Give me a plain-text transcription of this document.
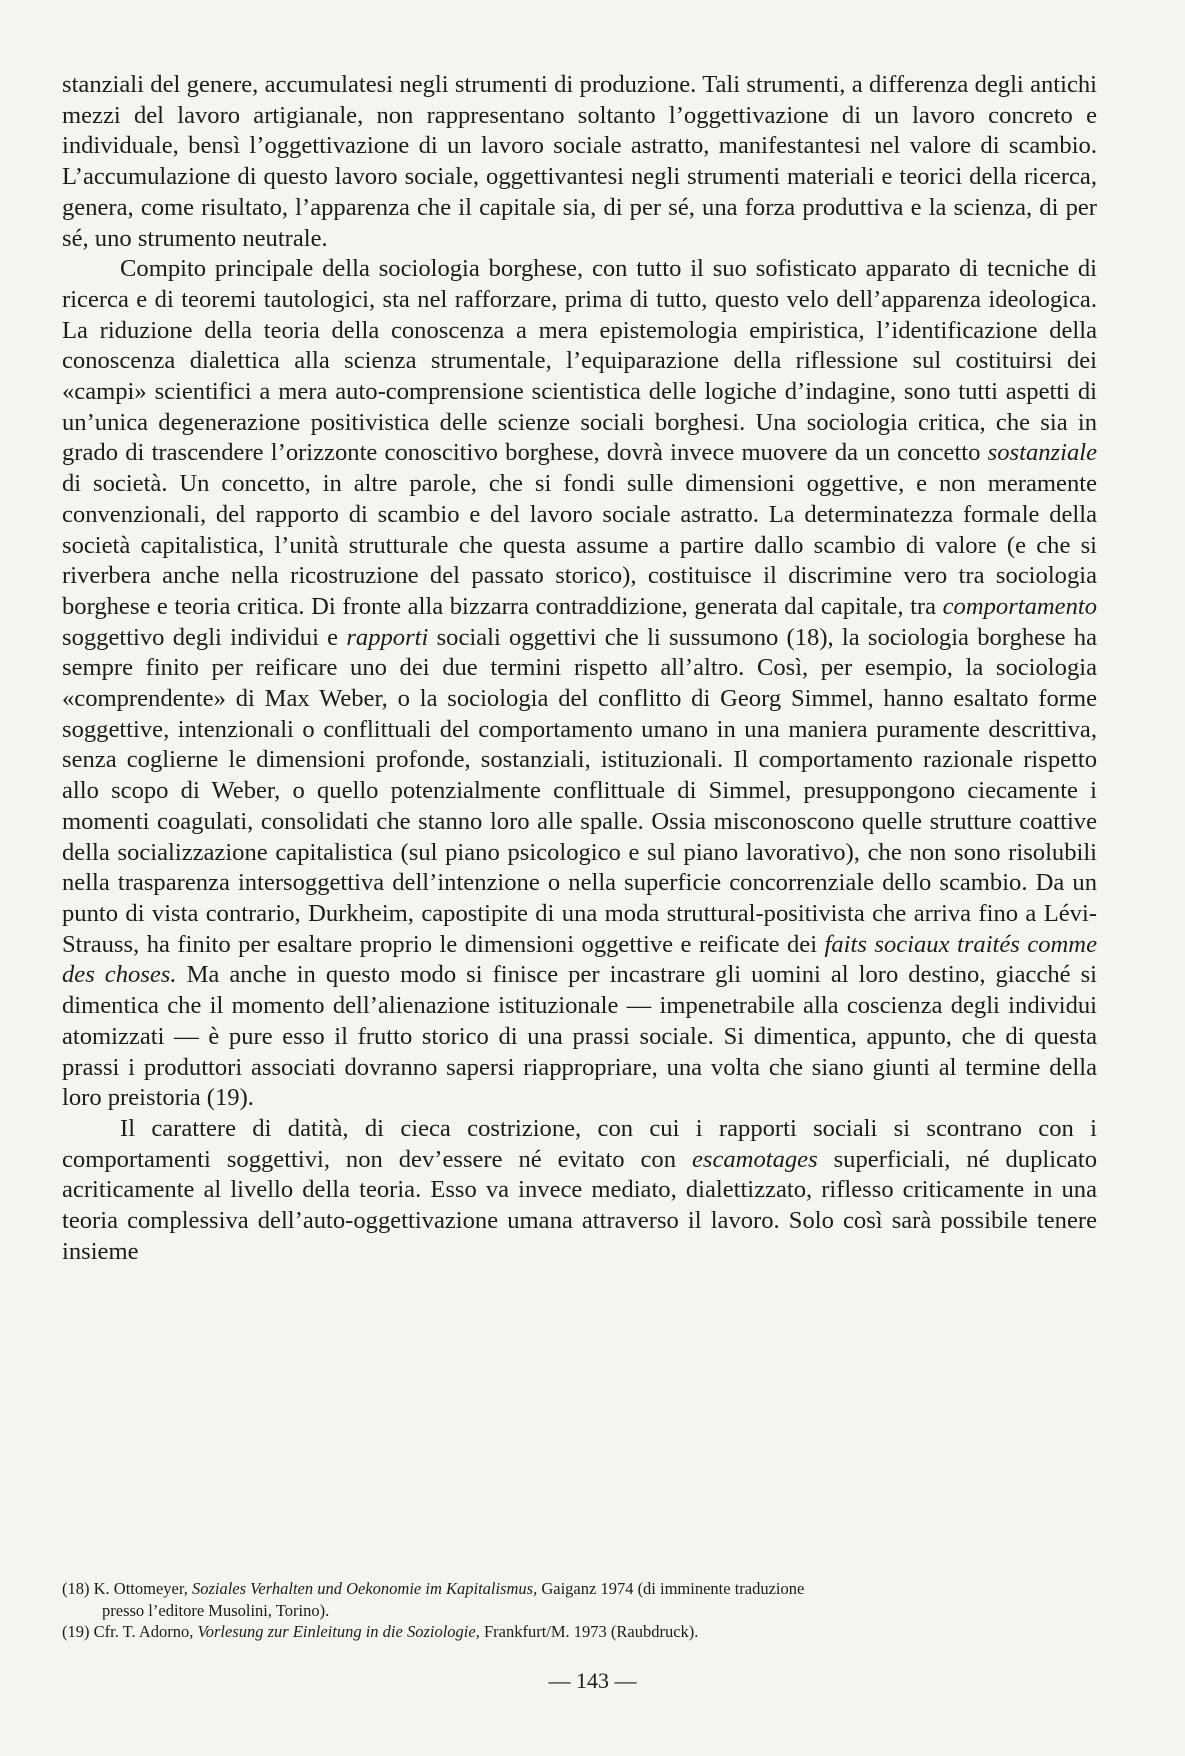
stanziali del genere, accumulatesi negli strumenti di produzione. Tali strumenti, a differenza degli antichi mezzi del lavoro artigianale, non rappresentano soltanto l’oggettivazione di un lavoro concreto e individuale, bensì l’oggettivazione di un lavoro sociale astratto, manifestantesi nel valore di scambio. L’accumulazione di questo lavoro sociale, oggettivantesi negli strumenti materiali e teorici della ricerca, genera, come risultato, l’apparenza che il capitale sia, di per sé, una forza produttiva e la scienza, di per sé, uno strumento neutrale.

Compito principale della sociologia borghese, con tutto il suo sofisticato apparato di tecniche di ricerca e di teoremi tautologici, sta nel rafforzare, prima di tutto, questo velo dell’apparenza ideologica. La riduzione della teoria della conoscenza a mera epistemologia empiristica, l’identificazione della conoscenza dialettica alla scienza strumentale, l’equiparazione della riflessione sul costituirsi dei «campi» scientifici a mera auto-comprensione scientistica delle logiche d’indagine, sono tutti aspetti di un’unica degenerazione positivistica delle scienze sociali borghesi. Una sociologia critica, che sia in grado di trascendere l’orizzonte conoscitivo borghese, dovrà invece muovere da un concetto sostanziale di società. Un concetto, in altre parole, che si fondi sulle dimensioni oggettive, e non meramente convenzionali, del rapporto di scambio e del lavoro sociale astratto. La determinatezza formale della società capitalistica, l’unità strutturale che questa assume a partire dallo scambio di valore (e che si riverbera anche nella ricostruzione del passato storico), costituisce il discrimine vero tra sociologia borghese e teoria critica. Di fronte alla bizzarra contraddizione, generata dal capitale, tra comportamento soggettivo degli individui e rapporti sociali oggettivi che li sussumono (18), la sociologia borghese ha sempre finito per reificare uno dei due termini rispetto all’altro. Così, per esempio, la sociologia «comprendente» di Max Weber, o la sociologia del conflitto di Georg Simmel, hanno esaltato forme soggettive, intenzionali o conflittuali del comportamento umano in una maniera puramente descrittiva, senza coglierne le dimensioni profonde, sostanziali, istituzionali. Il comportamento razionale rispetto allo scopo di Weber, o quello potenzialmente conflittuale di Simmel, presuppongono ciecamente i momenti coagulati, consolidati che stanno loro alle spalle. Ossia misconoscono quelle strutture coattive della socializzazione capitalistica (sul piano psicologico e sul piano lavorativo), che non sono risolubili nella trasparenza intersoggettiva dell’intenzione o nella superficie concorrenziale dello scambio. Da un punto di vista contrario, Durkheim, capostipite di una moda struttural-positivista che arriva fino a Lévi-Strauss, ha finito per esaltare proprio le dimensioni oggettive e reificate dei faits sociaux traités comme des choses. Ma anche in questo modo si finisce per incastrare gli uomini al loro destino, giacché si dimentica che il momento dell’alienazione istituzionale — impenetrabile alla coscienza degli individui atomizzati — è pure esso il frutto storico di una prassi sociale. Si dimentica, appunto, che di questa prassi i produttori associati dovranno sapersi riappropriare, una volta che siano giunti al termine della loro preistoria (19).

Il carattere di datità, di cieca costrizione, con cui i rapporti sociali si scontrano con i comportamenti soggettivi, non dev’essere né evitato con escamotages superficiali, né duplicato acriticamente al livello della teoria. Esso va invece mediato, dialettizzato, riflesso criticamente in una teoria complessiva dell’auto-oggettivazione umana attraverso il lavoro. Solo così sarà possibile tenere insieme

(18) K. Ottomeyer, Soziales Verhalten und Oekonomie im Kapitalismus, Gaiganz 1974 (di imminente traduzione

presso l’editore Musolini, Torino).

(19) Cfr. T. Adorno, Vorlesung zur Einleitung in die Soziologie, Frankfurt/M. 1973 (Raubdruck).

— 143 —
